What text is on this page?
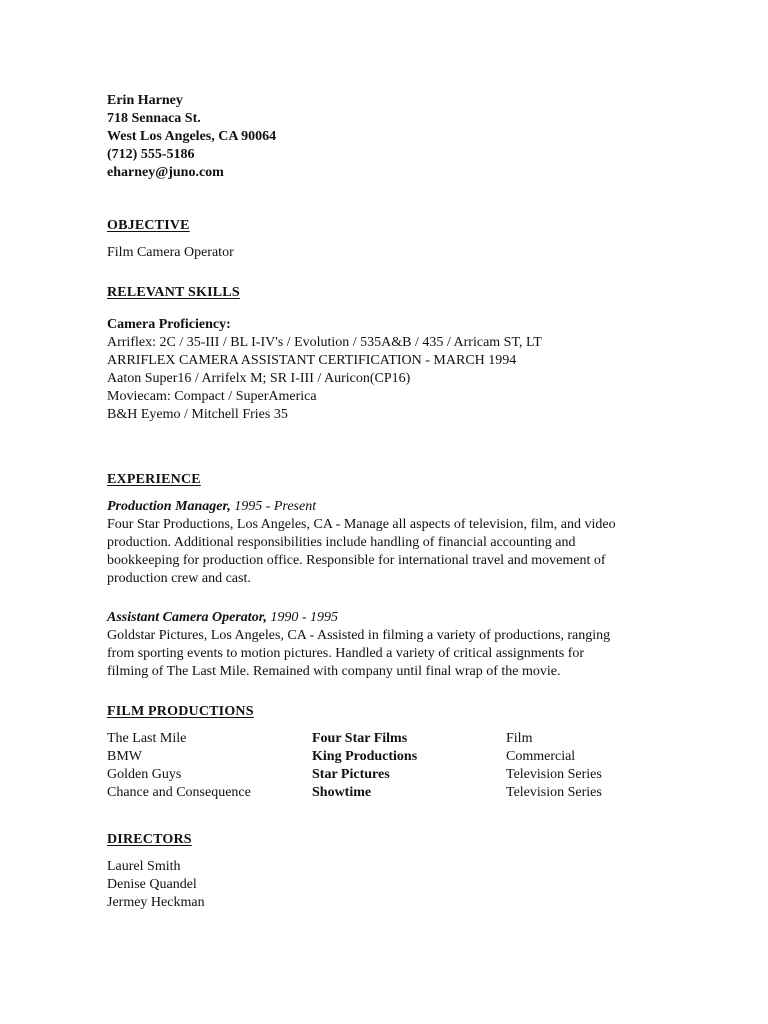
Erin Harney
718 Sennaca St.
West Los Angeles, CA 90064
(712) 555-5186
eharney@juno.com
OBJECTIVE
Film Camera Operator
RELEVANT SKILLS
Camera Proficiency:
Arriflex: 2C / 35-III / BL I-IV's / Evolution / 535A&B / 435 / Arricam ST, LT
ARRIFLEX CAMERA ASSISTANT CERTIFICATION - MARCH 1994
Aaton Super16 / Arrifelx M; SR I-III / Auricon(CP16)
Moviecam: Compact / SuperAmerica
B&H Eyemo / Mitchell Fries 35
EXPERIENCE
Production Manager, 1995 - Present
Four Star Productions, Los Angeles, CA - Manage all aspects of television, film, and video
production. Additional responsibilities include handling of financial accounting and
bookkeeping for production office. Responsible for international travel and movement of
production crew and cast.
Assistant Camera Operator, 1990 - 1995
Goldstar Pictures, Los Angeles, CA - Assisted in filming a variety of productions, ranging
from sporting events to motion pictures. Handled a variety of critical assignments for
filming of The Last Mile. Remained with company until final wrap of the movie.
FILM PRODUCTIONS
The Last Mile	Four Star Films	Film
BMW	King Productions	Commercial
Golden Guys	Star Pictures	Television Series
Chance and Consequence	Showtime	Television Series
DIRECTORS
Laurel Smith
Denise Quandel
Jermey Heckman
